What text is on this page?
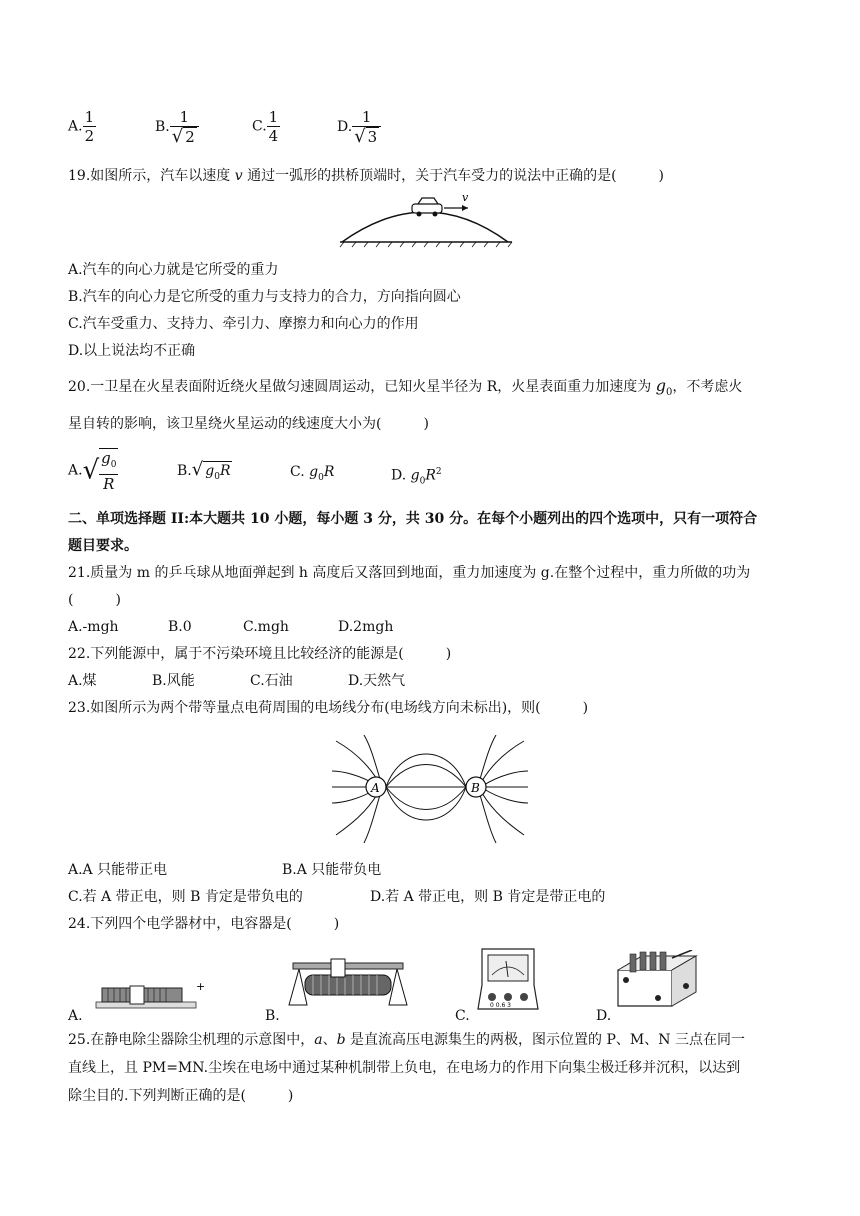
A. $\frac{1}{2}$	B. $\frac{1}{√ 2}$	C. $\frac{1}{4}$	D. $\frac{1}{√ 3}$
19.如图所示，汽车以速度 v 通过一弧形的拱桥顶端时，关于汽车受力的说法中正确的是(　　　)
v
A.汽车的向心力就是它所受的重力
B.汽车的向心力是它所受的重力与支持力的合力，方向指向圆心
C.汽车受重力、支持力、牵引力、摩擦力和向心力的作用
D.以上说法均不正确
20.一卫星在火星表面附近绕火星做匀速圆周运动，已知火星半径为 R，火星表面重力加速度为 $g_0$，不考虑火
星自转的影响，该卫星绕火星运动的线速度大小为(　　　)
$A.√ \frac{g_0}{R}$	B.√ $g_0R$	C. $g_0R$	D. $g_0R^2$
二、单项选择题 II:本大题共 10 小题，每小题 3 分，共 30 分。在每个小题列出的四个选项中，只有一项符合
题目要求。
21.质量为 m 的乒乓球从地面弹起到 h 高度后又落回到地面，重力加速度为 g.在整个过程中，重力所做的功为
(　　　)
A.-mgh	B.0	C.mgh	D.2mgh
22.下列能源中，属于不污染环境且比较经济的能源是(　　　)
A.煤	B.风能	C.石油	D.天然气
23.如图所示为两个带等量点电荷周围的电场线分布(电场线方向未标出)，则(　　　)
A	B
A.A 只能带正电	B.A 只能带负电
C.若 A 带正电，则 B 肯定是带负电的	D.若 A 带正电，则 B 肯定是带正电的
24.下列四个电学器材中，电容器是(　　　)
A.
+
B.	C.
0 0.6 3
D.
25.在静电除尘器除尘机理的示意图中，a、b 是直流高压电源集生的两极，图示位置的 P、M、N 三点在同一
直线上，且 PM=MN.尘埃在电场中通过某种机制带上负电，在电场力的作用下向集尘极迁移并沉积，以达到
除尘目的.下列判断正确的是(　　　)
